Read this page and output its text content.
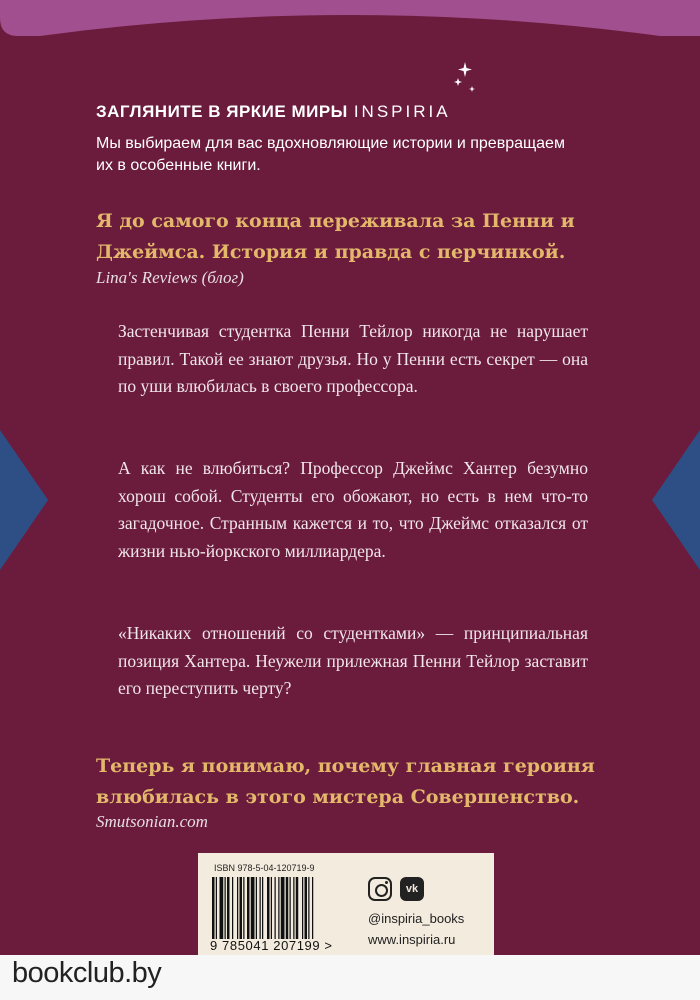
ЗАГЛЯНИТЕ В ЯРКИЕ МИРЫ INSPIRIA
Мы выбираем для вас вдохновляющие истории и превращаем их в особенные книги.
Я до самого конца переживала за Пенни и Джеймса. История и правда с перчинкой.
Lina's Reviews (блог)
Застенчивая студентка Пенни Тейлор никогда не нарушает правил. Такой ее знают друзья. Но у Пенни есть секрет — она по уши влюбилась в своего профессора.
А как не влюбиться? Профессор Джеймс Хантер безумно хорош собой. Студенты его обожают, но есть в нем что-то загадочное. Странным кажется и то, что Джеймс отказался от жизни нью-йоркского миллиардера.
«Никаких отношений со студентками» — принципиальная позиция Хантера. Неужели прилежная Пенни Тейлор заставит его переступить черту?
Теперь я понимаю, почему главная героиня влюбилась в этого мистера Совершенство.
Smutsonian.com
ISBN 978-5-04-120719-9
9 785041 207199 >
vk
@inspiria_books
www.inspiria.ru
bookclub.by
